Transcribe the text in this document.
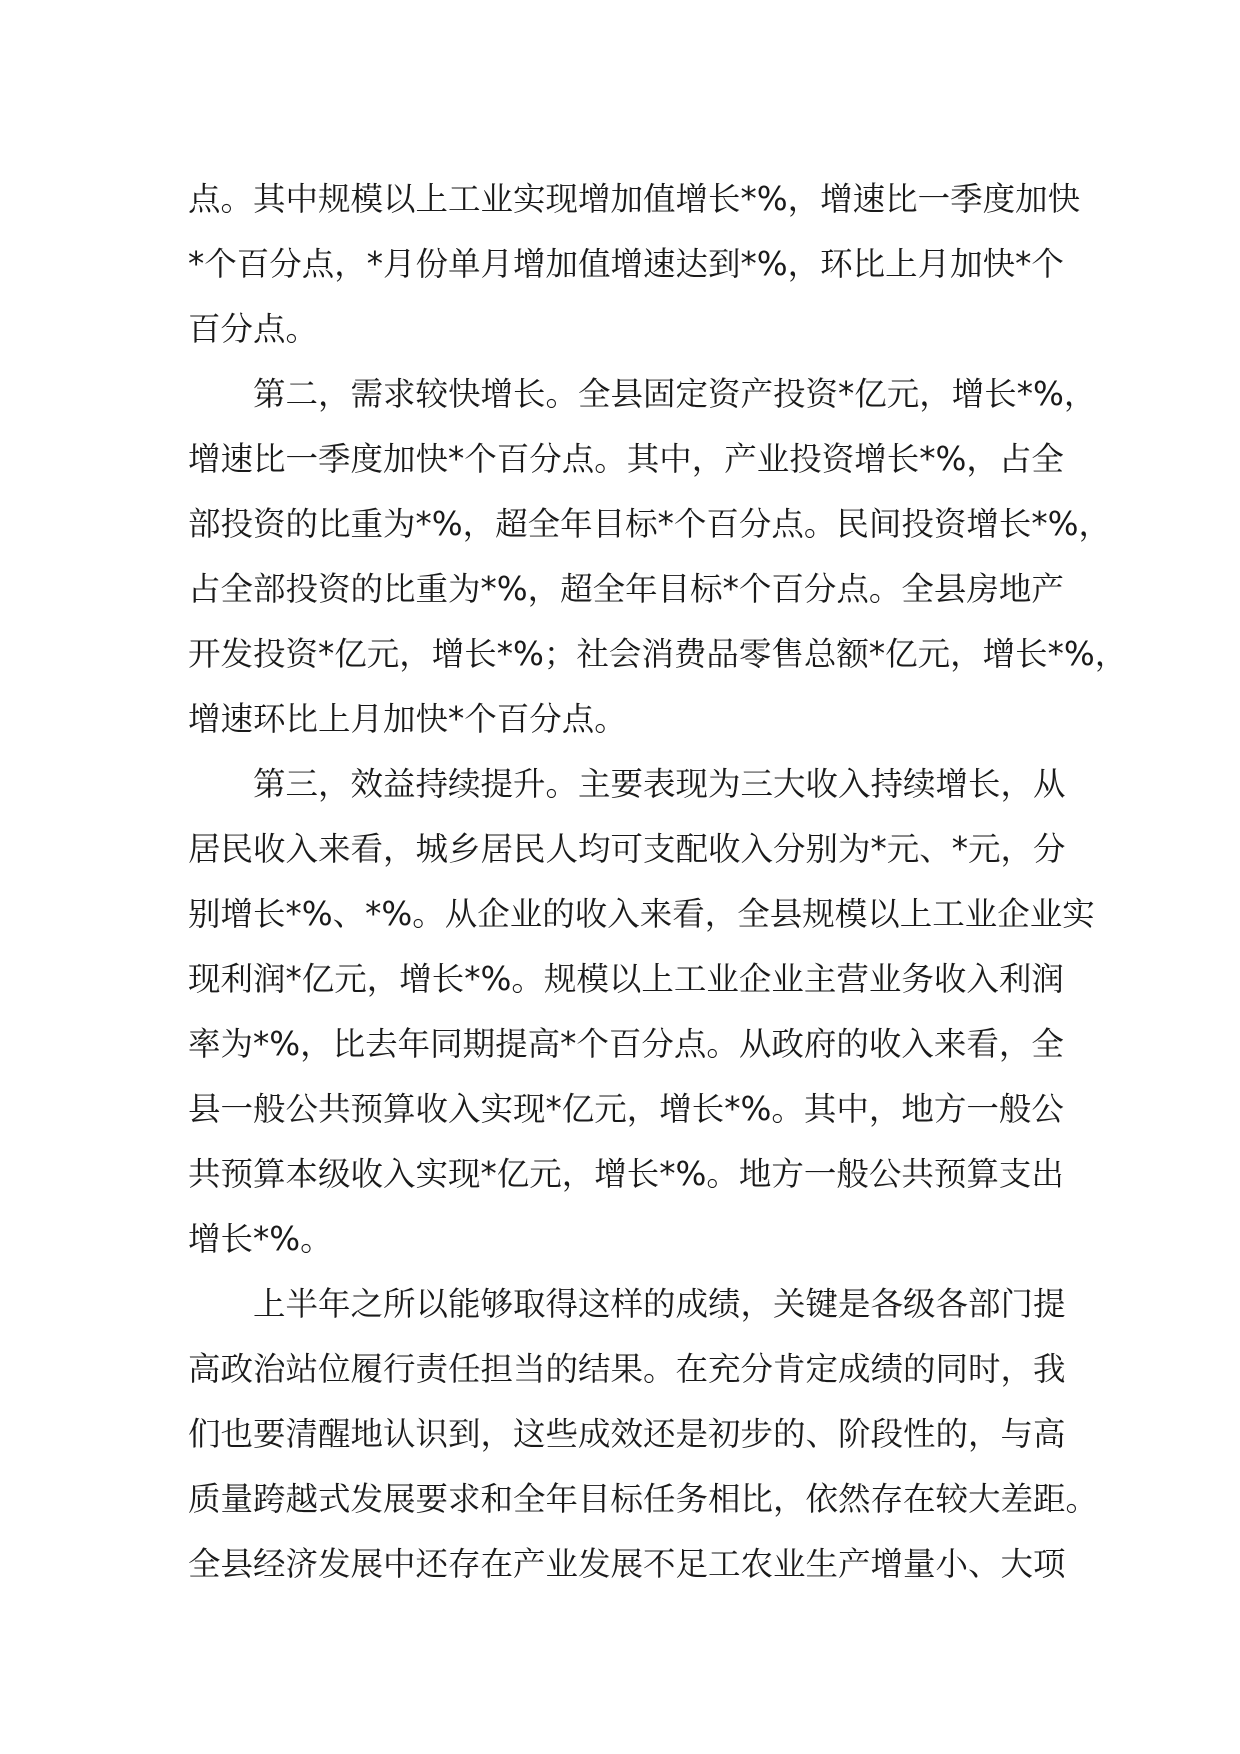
点。其中规模以上工业实现增加值增长*%，增速比一季度加快
*个百分点，*月份单月增加值增速达到*%，环比上月加快*个
百分点。
　　第二，需求较快增长。全县固定资产投资*亿元，增长*%，
增速比一季度加快*个百分点。其中，产业投资增长*%，占全
部投资的比重为*%，超全年目标*个百分点。民间投资增长*%，
占全部投资的比重为*%，超全年目标*个百分点。全县房地产
开发投资*亿元，增长*%；社会消费品零售总额*亿元，增长*%，
增速环比上月加快*个百分点。
　　第三，效益持续提升。主要表现为三大收入持续增长，从
居民收入来看，城乡居民人均可支配收入分别为*元、*元，分
别增长*%、*%。从企业的收入来看，全县规模以上工业企业实
现利润*亿元，增长*%。规模以上工业企业主营业务收入利润
率为*%，比去年同期提高*个百分点。从政府的收入来看，全
县一般公共预算收入实现*亿元，增长*%。其中，地方一般公
共预算本级收入实现*亿元，增长*%。地方一般公共预算支出
增长*%。
　　上半年之所以能够取得这样的成绩，关键是各级各部门提
高政治站位履行责任担当的结果。在充分肯定成绩的同时，我
们也要清醒地认识到，这些成效还是初步的、阶段性的，与高
质量跨越式发展要求和全年目标任务相比，依然存在较大差距。
全县经济发展中还存在产业发展不足工农业生产增量小、大项
